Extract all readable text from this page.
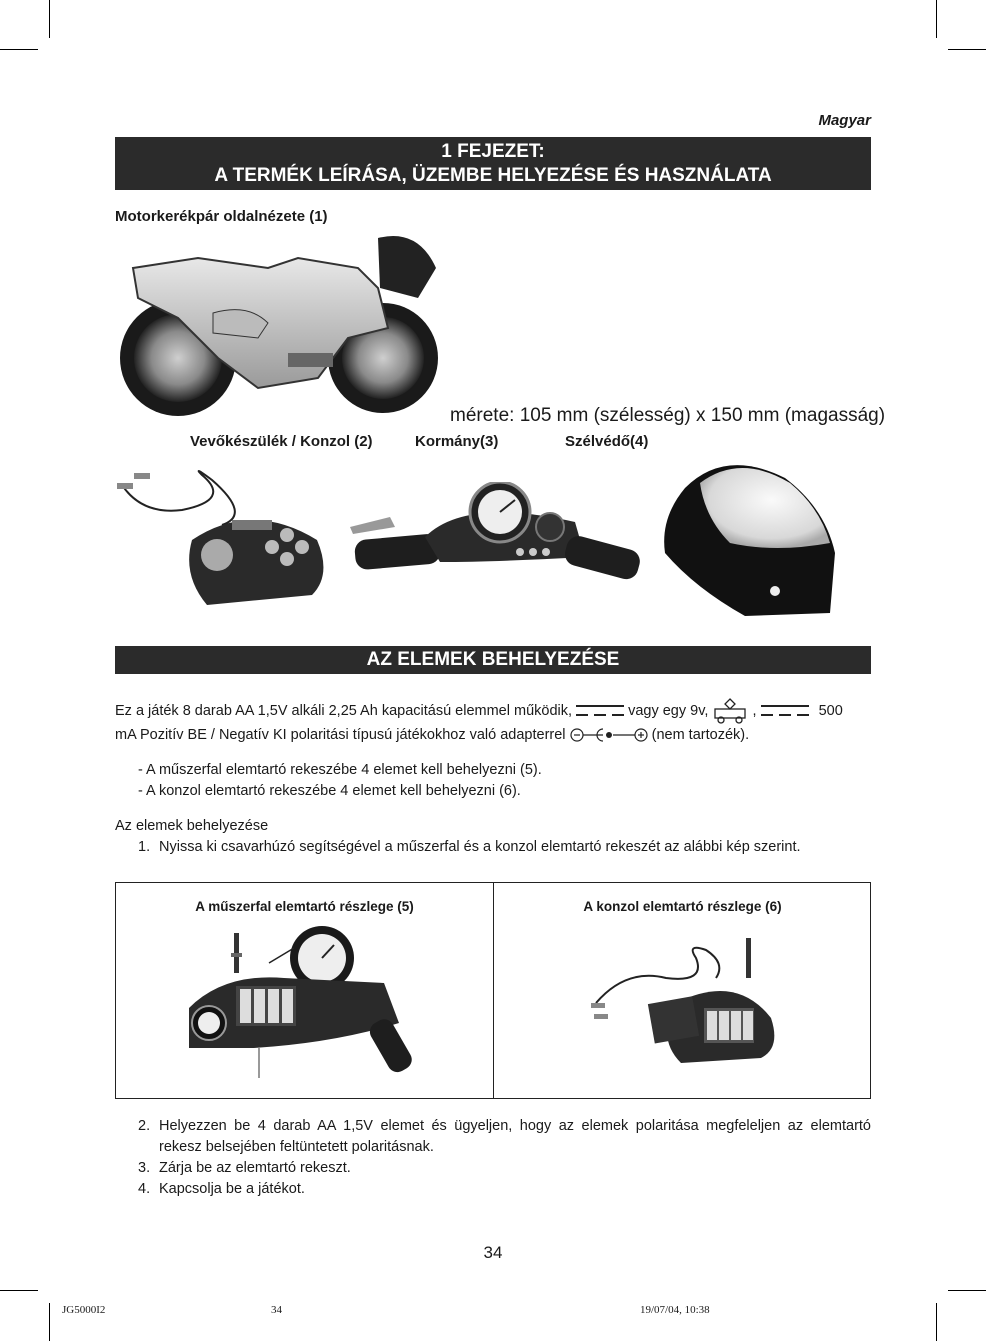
Magyar
1 FEJEZET:
A TERMÉK LEÍRÁSA, ÜZEMBE HELYEZÉSE ÉS HASZNÁLATA
Motorkerékpár oldalnézete (1)
mérete: 105 mm (szélesség) x 150 mm (magasság)
Vevőkészülék / Konzol (2)	Kormány(3)	Szélvédő(4)
AZ ELEMEK BEHELYEZÉSE
Ez a játék 8 darab AA 1,5V alkáli 2,25 Ah kapacitású elemmel működik,	vagy egy 9v,	,	500
mA Pozitív BE / Negatív KI polaritási típusú játékokhoz való adapterrel	(nem tartozék).
- A műszerfal elemtartó rekeszébe 4 elemet kell behelyezni (5).
- A konzol elemtartó rekeszébe 4 elemet kell behelyezni (6).
Az elemek behelyezése
1. Nyissa ki csavarhúzó segítségével a műszerfal és a konzol elemtartó rekeszét az alábbi kép szerint.
A műszerfal elemtartó részlege (5)	A konzol elemtartó részlege (6)
2. Helyezzen be 4 darab AA 1,5V elemet és ügyeljen, hogy az elemek polaritása megfeleljen az elemtartó
rekesz belsejében feltüntetett polaritásnak.
3. Zárja be az elemtartó rekeszt.
4. Kapcsolja be a játékot.
34
JG5000I2	34	19/07/04, 10:38
